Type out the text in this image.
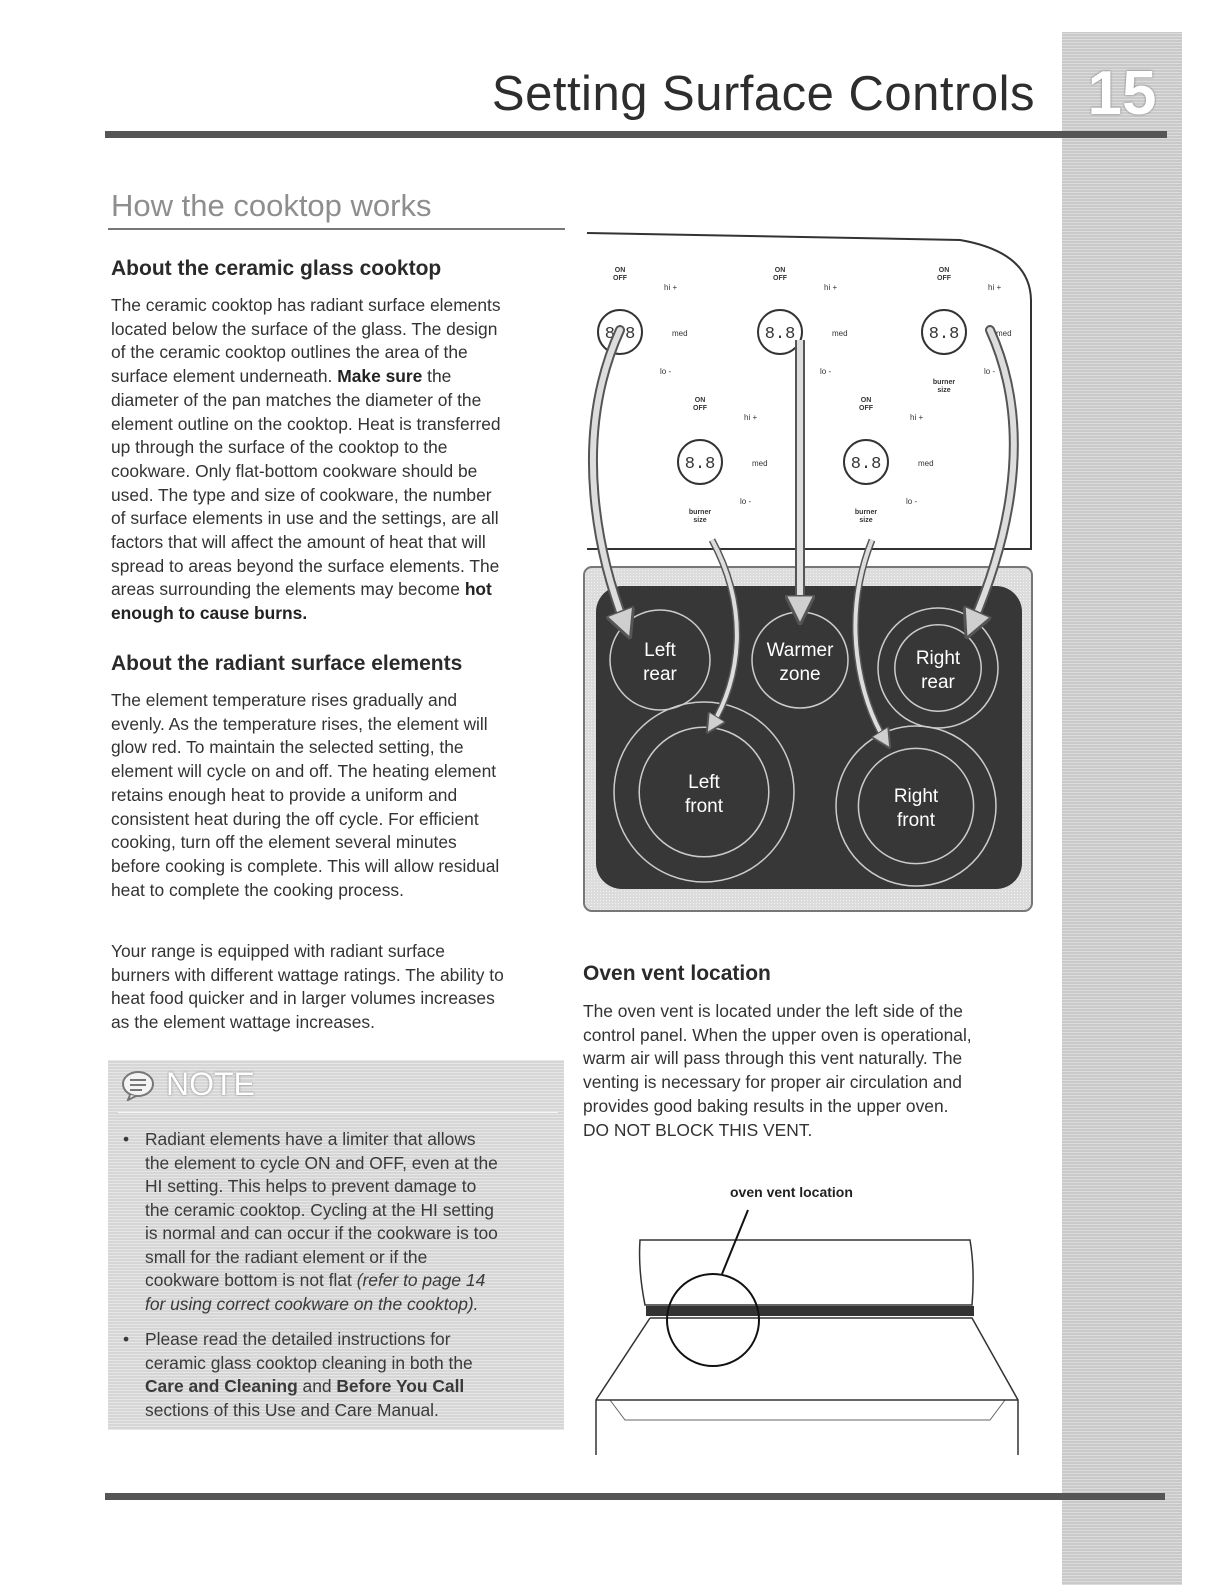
Setting Surface Controls 15
How the cooktop works
About the ceramic glass cooktop
The ceramic cooktop has radiant surface elements
located below the surface of the glass. The design
of the ceramic cooktop outlines the area of the
surface element underneath. Make sure the
diameter of the pan matches the diameter of the
element outline on the cooktop. Heat is transferred
up through the surface of the cooktop to the
cookware. Only flat-bottom cookware should be
used. The type and size of cookware, the number
of surface elements in use and the settings, are all
factors that will affect the amount of heat that will
spread to areas beyond the surface elements. The
areas surrounding the elements may become hot
enough to cause burns.
About the radiant surface elements
The element temperature rises gradually and
evenly. As the temperature rises, the element will
glow red. To maintain the selected setting, the
element will cycle on and off. The heating element
retains enough heat to provide a uniform and
consistent heat during the off cycle. For efficient
cooking, turn off the element several minutes
before cooking is complete. This will allow residual
heat to complete the cooking process.
Your range is equipped with radiant surface
burners with different wattage ratings. The ability to
heat food quicker and in larger volumes increases
as the element wattage increases.
NOTE
• Radiant elements have a limiter that allows
the element to cycle ON and OFF, even at the
HI setting. This helps to prevent damage to
the ceramic cooktop. Cycling at the HI setting
is normal and can occur if the cookware is too
small for the radiant element or if the
cookware bottom is not flat (refer to page 14
for using correct cookware on the cooktop).
• Please read the detailed instructions for
ceramic glass cooktop cleaning in both the
Care and Cleaning and Before You Call
sections of this Use and Care Manual.
Oven vent location
The oven vent is located under the left side of the
control panel. When the upper oven is operational,
warm air will pass through this vent naturally. The
venting is necessary for proper air circulation and
provides good baking results in the upper oven.
DO NOT BLOCK THIS VENT.
Left
rear
Warmer
zone
Right
rear
Left
front	Right
front
8.8
ON
OFF
hi +
med
lo -
8.8
ON
OFF
hi +
med
lo -
8.8
ON
OFF
hi +
med
lo -
burner
size
8.8
ON
OFF
hi +
med
lo -
burner
size
8.8
ON
OFF
hi +
med
lo -
burner
size
oven vent location
